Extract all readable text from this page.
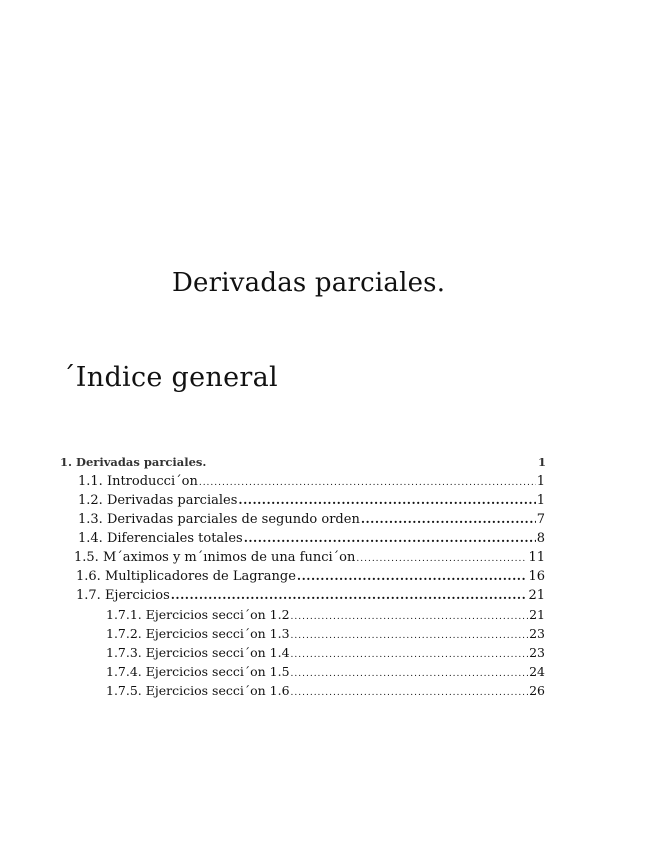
Derivadas parciales.
´Indice general
1. Derivadas parciales.	1
1.1. Introducci´on .....	1
1.2. Derivadas parciales .....	1
1.3. Derivadas parciales de segundo orden .....	7
1.4. Diferenciales totales .....	8
1.5. M´aximos y m´ınimos de una funci´on .....	11
1.6. Multiplicadores de Lagrange .....	16
1.7. Ejercicios .....	21
1.7.1. Ejercicios secci´on 1.2 .....	21
1.7.2. Ejercicios secci´on 1.3 .....	23
1.7.3. Ejercicios secci´on 1.4 .....	23
1.7.4. Ejercicios secci´on 1.5 .....	24
1.7.5. Ejercicios secci´on 1.6 .....	26
